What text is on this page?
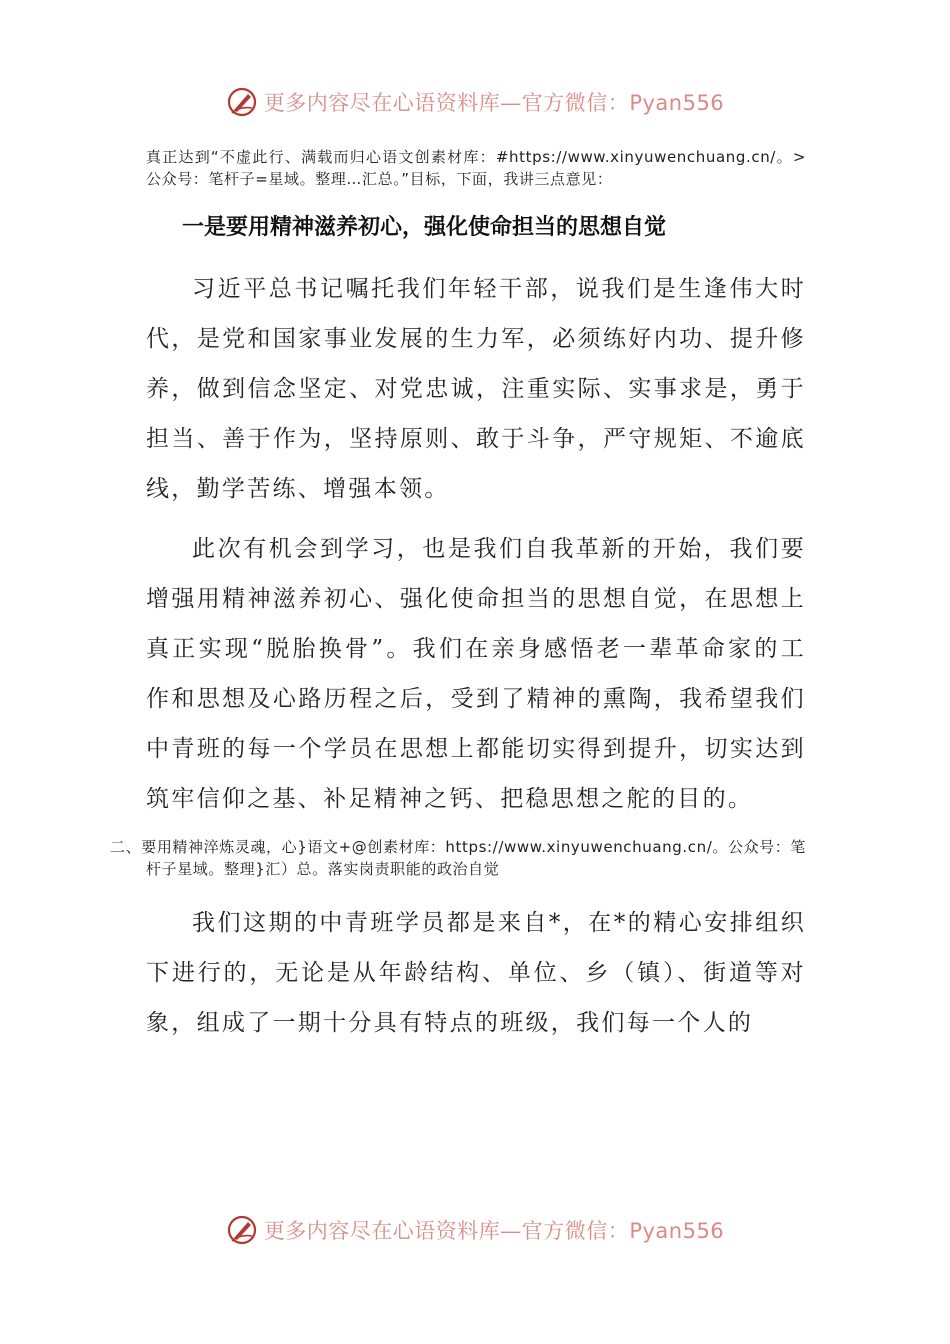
更多内容尽在心语资料库—官方微信：Pyan556

真正达到“不虚此行、满载而归心语文创素材库：#https://www.xinyuwenchuang.cn/。>公众号：笔杆子=星域。整理…汇总。”目标，下面，我讲三点意见：

一是要用精神滋养初心，强化使命担当的思想自觉

习近平总书记嘱托我们年轻干部，说我们是生逢伟大时代，是党和国家事业发展的生力军，必须练好内功、提升修养，做到信念坚定、对党忠诚，注重实际、实事求是，勇于担当、善于作为，坚持原则、敢于斗争，严守规矩、不逾底线，勤学苦练、增强本领。

此次有机会到学习，也是我们自我革新的开始，我们要增强用精神滋养初心、强化使命担当的思想自觉，在思想上真正实现“脱胎换骨”。我们在亲身感悟老一辈革命家的工作和思想及心路历程之后，受到了精神的熏陶，我希望我们中青班的每一个学员在思想上都能切实得到提升，切实达到筑牢信仰之基、补足精神之钙、把稳思想之舵的目的。

二、要用精神淬炼灵魂，心}语文+@创素材库：https://www.xinyuwenchuang.cn/。公众号：笔杆子星域。整理}汇）总。落实岗责职能的政治自觉

我们这期的中青班学员都是来自*，在*的精心安排组织下进行的，无论是从年龄结构、单位、乡（镇）、街道等对象，组成了一期十分具有特点的班级，我们每一个人的

更多内容尽在心语资料库—官方微信：Pyan556
